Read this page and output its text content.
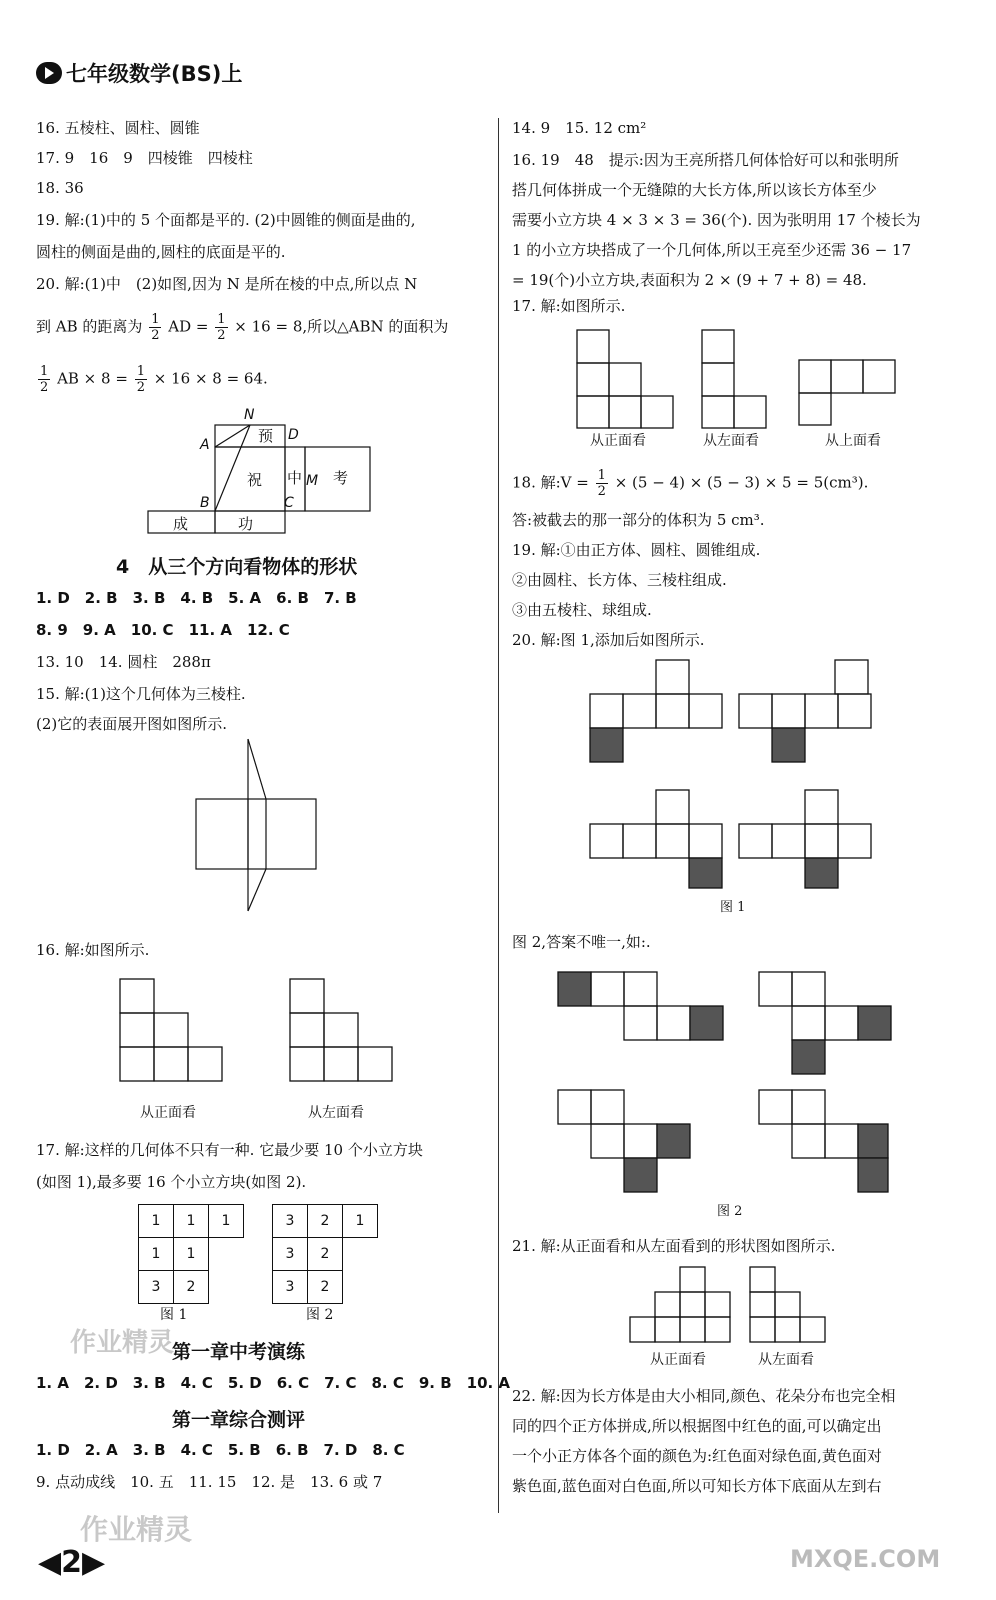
七年级数学(BS)上
16. 五棱柱、圆柱、圆锥
17. 9　16　9　四棱锥　四棱柱
18. 36
19. 解:(1)中的 5 个面都是平的. (2)中圆锥的侧面是曲的,
圆柱的侧面是曲的,圆柱的底面是平的.
20. 解:(1)中　(2)如图,因为 N 是所在棱的中点,所以点 N
到 AB 的距离为 $\frac{1}{2}$ AD = $\frac{1}{2} \times 16 = 8$,所以△ABN 的面积为
$\frac{1}{2}$ AB × $8 = \frac{1}{2} \times 16 \times 8 = 64$.
N
A
D
B	C
M
预
祝 中 考
成	功
4　从三个方向看物体的形状
1. D　2. B　3. B　4. B　5. A　6. B　7. B
8. 9　9. A　10. C　11. A　12. C
13. 10　14. 圆柱　288π
15. 解:(1)这个几何体为三棱柱.
(2)它的表面展开图如图所示.
16. 解:如图所示.
从正面看	从左面看
17. 解:这样的几何体不只有一种. 它最少要 10 个小立方块
(如图 1),最多要 16 个小立方块(如图 2).
1	1	1
1	1	
3	2	
图 1
3	2	1
3	2	
3	2	
图 2
第一章中考演练
1. A　2. D　3. B　4. C　5. D　6. C　7. C　8. C　9. B　10. A
第一章综合测评
1. D　2. A　3. B　4. C　5. B　6. B　7. D　8. C
9. 点动成线　10. 五　11. 15　12. 是　13. 6 或 7
14. 9　15. 12 cm²
16. 19　48　提示:因为王亮所搭几何体恰好可以和张明所
搭几何体拼成一个无缝隙的大长方体,所以该长方体至少
需要小立方块 4 × 3 × 3 = 36(个). 因为张明用 17 个棱长为
1 的小立方块搭成了一个几何体,所以王亮至少还需 36 − 17
= 19(个)小立方块,表面积为 2 × (9 + 7 + 8) = 48.
17. 解:如图所示.
从正面看	从左面看	从上面看
18. 解:V = $\frac{1}{2} \times (5 - 4) \times (5 - 3) \times 5 = 5(cm^3)$.
答:被截去的那一部分的体积为 5 cm³.
19. 解:①由正方体、圆柱、圆锥组成.
②由圆柱、长方体、三棱柱组成.
③由五棱柱、球组成.
20. 解:图 1,添加后如图所示.
图 1
图 2,答案不唯一,如:.
图 2
21. 解:从正面看和从左面看到的形状图如图所示.
从正面看	从左面看
22. 解:因为长方体是由大小相同,颜色、花朵分布也完全相
同的四个正方体拼成,所以根据图中红色的面,可以确定出
一个小正方体各个面的颜色为:红色面对绿色面,黄色面对
紫色面,蓝色面对白色面,所以可知长方体下底面从左到右
作业精灵
作业精灵
MXQE.COM
◀2▶
